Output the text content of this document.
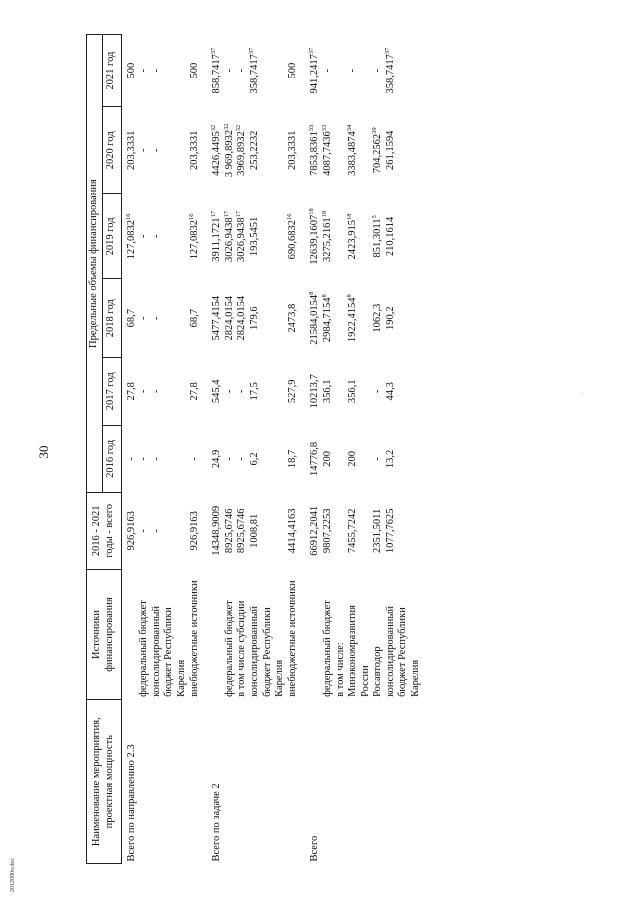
30
2012090о.doc
·
Наименование мероприятия, проектная мощность	Источники финансирования	2016 - 2021 годы - всего	Предельные объемы финансирования					
			2016 год	2017 год	2018 год	2019 год	2020 год	2021 год
Всего по направлению 2.3		926,9163	-	27,8	68,7	127,0832$^{16}$	203,3331	500
	федеральный бюджет	-	-	-	-	-	-	-
	консолидированный бюджет Республики Карелия	-	-	-	-	-	-	-
	внебюджетные источники	926,9163	-	27,8	68,7	127,0832$^{16}$	203,3331	500
Всего по задаче 2		14348,9009	24,9	545,4	5477,4154	3911,1721$^{17}$	4426,4495$^{32}$	858,7417$^{37}$
	федеральный бюджет	8925,6746	-	-	2824,0154	3026,9438$^{17}$	3 969,8932$^{32}$	-
	в том числе субсидии	8925,6746	-	-	2824,0154	3026,9438$^{17}$	3969,8932$^{32}$	-
	консолидированный бюджет Республики Карелия	1008,81	6,2	17,5	179,6	193,5451	253,2232	358,7417$^{37}$
	внебюджетные источники	4414,4163	18,7	527,9	2473,8	690,6832$^{16}$	203,3331	500
Всего		66912,2041	14776,8	10213,7	21584,0154$^8$	12639,1607$^{18}$	7853,8361$^{33}$	941,2417$^{37}$
	федеральный бюджет	9807,2253	200	356,1	2984,7154$^8$	3275,2161$^{18}$	4087,7436$^{33}$	-
	в том числе:							
	Минэкономразвития России	7455,7242	200	356,1	1922,4154$^8$	2423,915$^{18}$	3383,4874$^{34}$	-
	Росавтодор	2351,5011	-	-	1062,3	851,3011$^5$	704,2562$^{39}$	-
	консолидированный бюджет Республики Карелия	1077,7625	13,2	44,3	190,2	210,1614	261,1594	358,7417$^{37}$
